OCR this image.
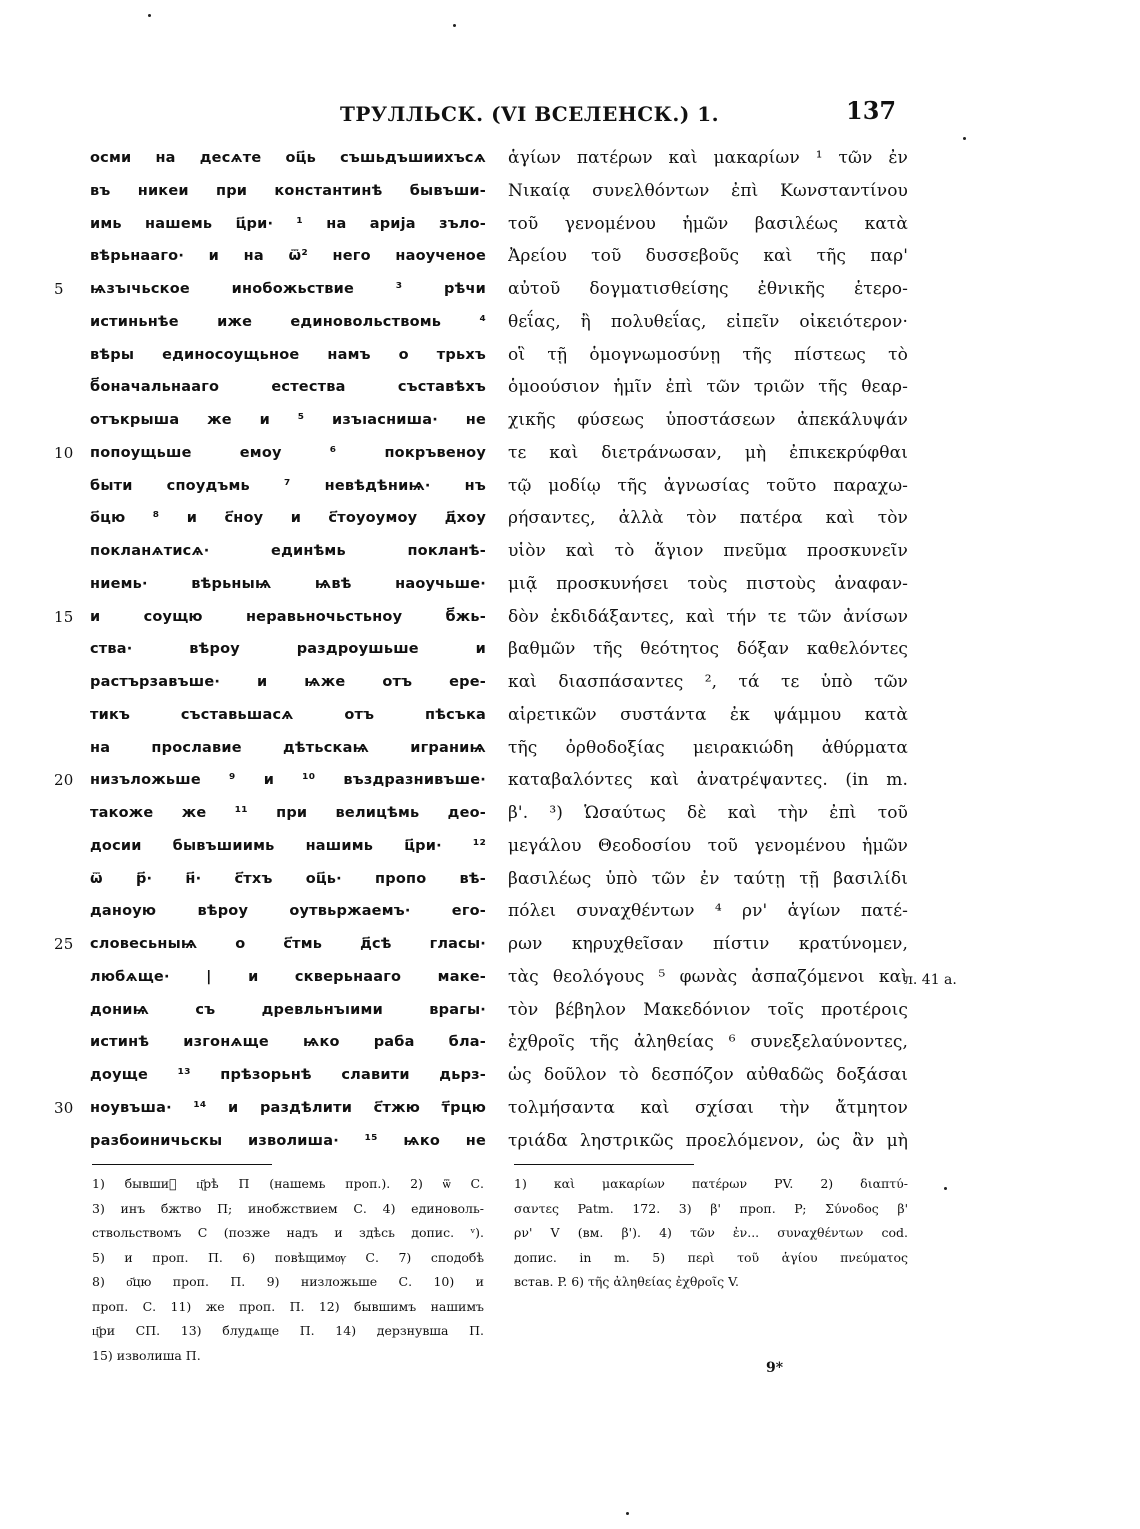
ТРУЛЛЬСК. (VI ВСЕЛЕНСК.) 1.	137
осми на десѧте оц҃ь съшьдъшиихъсѧ
въ никеи при константинѣ бывъши-
имь нашемь ц҃ри· ¹ на арија зъло-
вѣрьнааго· и на ѿ² него наоученое
5	ѩзъıчьское инобожьствие ³ рѣчи
истиньнѣе иже единовольствомь ⁴
вѣры единосоущьное намъ о трьхъ
б҃оначальнааго естества съставѣхъ
отъкрыша же и ⁵ изъıасниша· не
10	попоущьше емоу ⁶ покръвеноу
быти споудъмь ⁷ невѣдѣниѩ· нъ
о҃цю ⁸ и с҃ноу и с҃тоуоумоу д҃хоу
покланѧтисѧ· единѣмь покланѣ-
ниемь· вѣрьныѩ ѩвѣ наоучьше·
15	и соущю неравьночьстьноу б҃жь-
ства· вѣроу раздроушьше и
растързавъше· и ѩже отъ ере-
тикъ съставьшасѧ отъ пѣсъка
на прославие дѣтьскаѩ играниѩ
20	низъложьше ⁹ и ¹⁰ въздразнивъше·
такоже же ¹¹ при велицѣмь део-
досии бывъшиимь нашимь ц҃ри· ¹²
ѿ р҃· н҃· с҃тхъ оц҃ь· пропо вѣ-
даноую вѣроу оутвьржаемъ· его-
25	словесьныѩ о с҃тмь д҃сѣ гласы·
любѧще· | и скверьнааго маке-
дониѩ съ древльнъıими врагы·
истинѣ изгонѧще ѩко раба бла-
доуще ¹³ прѣзорьнѣ славити дьрз-
30	ноувъша· ¹⁴ и раздѣлити с҃тжю т҃рцю
разбоиничьскы изволиша· ¹⁵ ѩко не
ἁγίων πατέρων καὶ μακαρίων ¹ τῶν ἐν
Νικαίᾳ συνελθόντων ἐπὶ Κωνσταντίνου
τοῦ γενομένου ἡμῶν βασιλέως κατὰ
Ἀρείου τοῦ δυσσεβοῦς καὶ τῆς παρ'
αὐτοῦ δογματισθείσης ἐθνικῆς ἑτερο-
θεΐας, ἢ πολυθεΐας, εἰπεῖν οἰκειότερον·
οἳ τῇ ὁμογνωμοσύνῃ τῆς πίστεως τὸ
ὁμοούσιον ἡμῖν ἐπὶ τῶν τριῶν τῆς θεαρ-
χικῆς φύσεως ὑποστάσεων ἀπεκάλυψάν
τε καὶ διετράνωσαν, μὴ ἐπικεκρύφθαι
τῷ μοδίῳ τῆς ἀγνωσίας τοῦτο παραχω-
ρήσαντες, ἀλλὰ τὸν πατέρα καὶ τὸν
υἱὸν καὶ τὸ ἅγιον πνεῦμα προσκυνεῖν
μιᾷ προσκυνήσει τοὺς πιστοὺς ἀναφαν-
δὸν ἐκδιδάξαντες, καὶ τήν τε τῶν ἀνίσων
βαθμῶν τῆς θεότητος δόξαν καθελόντες
καὶ διασπάσαντες ², τά τε ὑπὸ τῶν
αἱρετικῶν συστάντα ἐκ ψάμμου κατὰ
τῆς ὀρθοδοξίας μειρακιώδη ἀθύρματα
καταβαλόντες καὶ ἀνατρέψαντες. (in m.
β'. ³) Ὡσαύτως δὲ καὶ τὴν ἐπὶ τοῦ
μεγάλου Θεοδοσίου τοῦ γενομένου ἡμῶν
βασιλέως ὑπὸ τῶν ἐν ταύτῃ τῇ βασιλίδι
πόλει συναχθέντων ⁴ ρν' ἁγίων πατέ-
ρων κηρυχθεῖσαν πίστιν κρατύνομεν,
τὰς θεολόγους ⁵ φωνὰς ἀσπαζόμενοι καὶ
τὸν βέβηλον Μακεδόνιον τοῖς προτέροις
ἐχθροῖς τῆς ἀληθείας ⁶ συνεξελαύνοντες,
ὡς δοῦλον τὸ δεσπόζον αὐθαδῶς δοξάσαι
τολμήσαντα καὶ σχίσαι τὴν ἄτμητον
τριάδα ληστρικῶς προελόμενον, ὡς ἂν μὴ
л. 41 а.
1) бывшиꙵ ц҃рѣ П (нашемь проп.). 2) ѿ С.
3) инъ бжтво П; инобжствием С. 4) единоволь-
ствольствомъ С (позже надъ и здѣсь допис. ᵛ).
5) и проп. П. 6) повѣщимѹ С. 7) сподобѣ
8) о҃цю проп. П. 9) низложьше С. 10) и
проп. С. 11) же проп. П. 12) бывшимъ нашимъ
ц҃ри СП. 13) блудѧще П. 14) дерзнувша П.
15) изволиша П.
1) καὶ μακαρίων πατέρων PV. 2) διαπτύ-
σαντες Patm. 172. 3) β' проп. P; Σύνοδος β'
ρν' V (вм. β'). 4) τῶν ἐν... συναχθέντων cod.
допис. in m. 5) περὶ τοῦ ἁγίου πνεύματος
встав. P. 6) τῆς ἀληθείας ἐχθροῖς V.
9*
